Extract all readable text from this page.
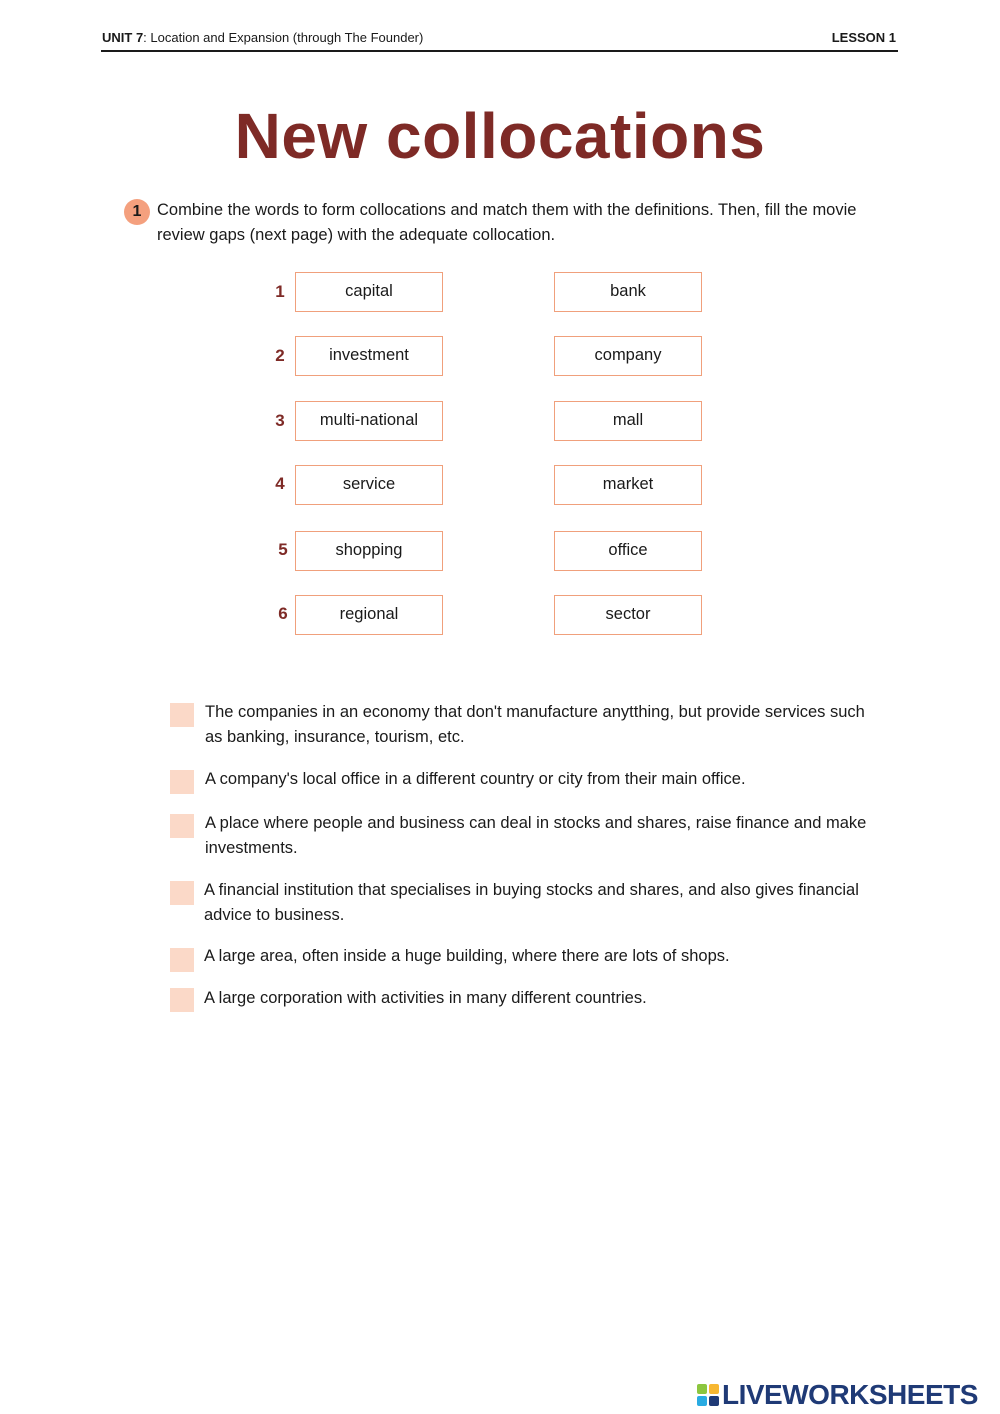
UNIT 7: Location and Expansion (through The Founder)	LESSON 1
New collocations
1 Combine the words to form collocations and match them with the definitions. Then, fill the movie review gaps (next page) with the adequate collocation.
1	capital	bank
2	investment	company
3	multi-national	mall
4	service	market
5	shopping	office
6	regional	sector
The companies in an economy that don't manufacture anytthing, but provide services such as banking, insurance, tourism, etc.
A company's local office in a different country or city from their main office.
A place where people and business can deal in stocks and shares, raise finance and make investments.
A financial institution that specialises in buying stocks and shares, and also gives financial advice to business.
A large area, often inside a huge building, where there are lots of shops.
A large corporation with activities in many different countries.
LIVEWORKSHEETS
